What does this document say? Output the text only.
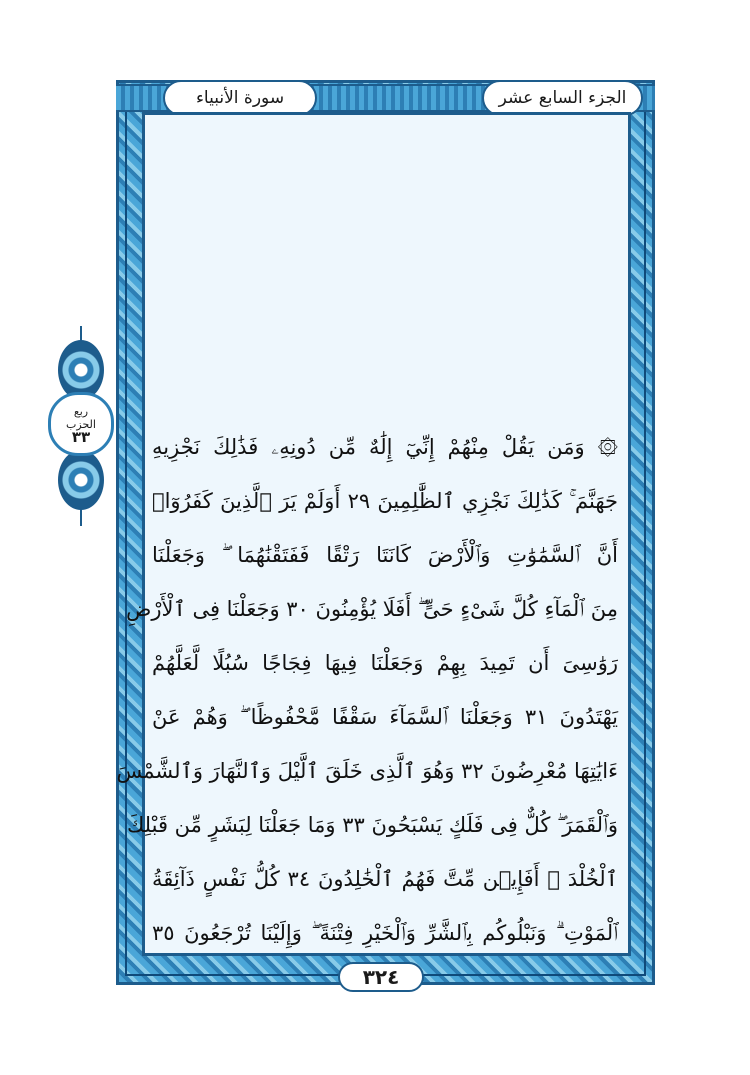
سورة الأنبياء	الجزء السابع عشر
ربع
الحزب
٣٣	۞ وَمَن يَقُلْ مِنْهُمْ إِنِّيٓ إِلَٰهٌ مِّن دُونِهِۦ فَذَٰلِكَ نَجْزِيهِ
جَهَنَّمَ ۚ كَذَٰلِكَ نَجْزِي ٱلظَّٰلِمِينَ ٢٩ أَوَلَمْ يَرَ ٱلَّذِينَ كَفَرُوٓا۟
أَنَّ ٱلسَّمَٰوَٰتِ وَٱلْأَرْضَ كَانَتَا رَتْقًا فَفَتَقْنَٰهُمَا ۖ وَجَعَلْنَا
مِنَ ٱلْمَآءِ كُلَّ شَىْءٍ حَىٍّ ۖ أَفَلَا يُؤْمِنُونَ ٣٠ وَجَعَلْنَا فِى ٱلْأَرْضِ
رَوَٰسِىَ أَن تَمِيدَ بِهِمْ وَجَعَلْنَا فِيهَا فِجَاجًا سُبُلًا لَّعَلَّهُمْ
يَهْتَدُونَ ٣١ وَجَعَلْنَا ٱلسَّمَآءَ سَقْفًا مَّحْفُوظًا ۖ وَهُمْ عَنْ
ءَايَٰتِهَا مُعْرِضُونَ ٣٢ وَهُوَ ٱلَّذِى خَلَقَ ٱلَّيْلَ وَٱلنَّهَارَ وَٱلشَّمْسَ
وَٱلْقَمَرَ ۖ كُلٌّ فِى فَلَكٍ يَسْبَحُونَ ٣٣ وَمَا جَعَلْنَا لِبَشَرٍ مِّن قَبْلِكَ
ٱلْخُلْدَ ۖ أَفَإِي۟ن مِّتَّ فَهُمُ ٱلْخَٰلِدُونَ ٣٤ كُلُّ نَفْسٍ ذَآئِقَةُ
ٱلْمَوْتِ ۗ وَنَبْلُوكُم بِٱلشَّرِّ وَٱلْخَيْرِ فِتْنَةً ۖ وَإِلَيْنَا تُرْجَعُونَ ٣٥
٣٢٤
